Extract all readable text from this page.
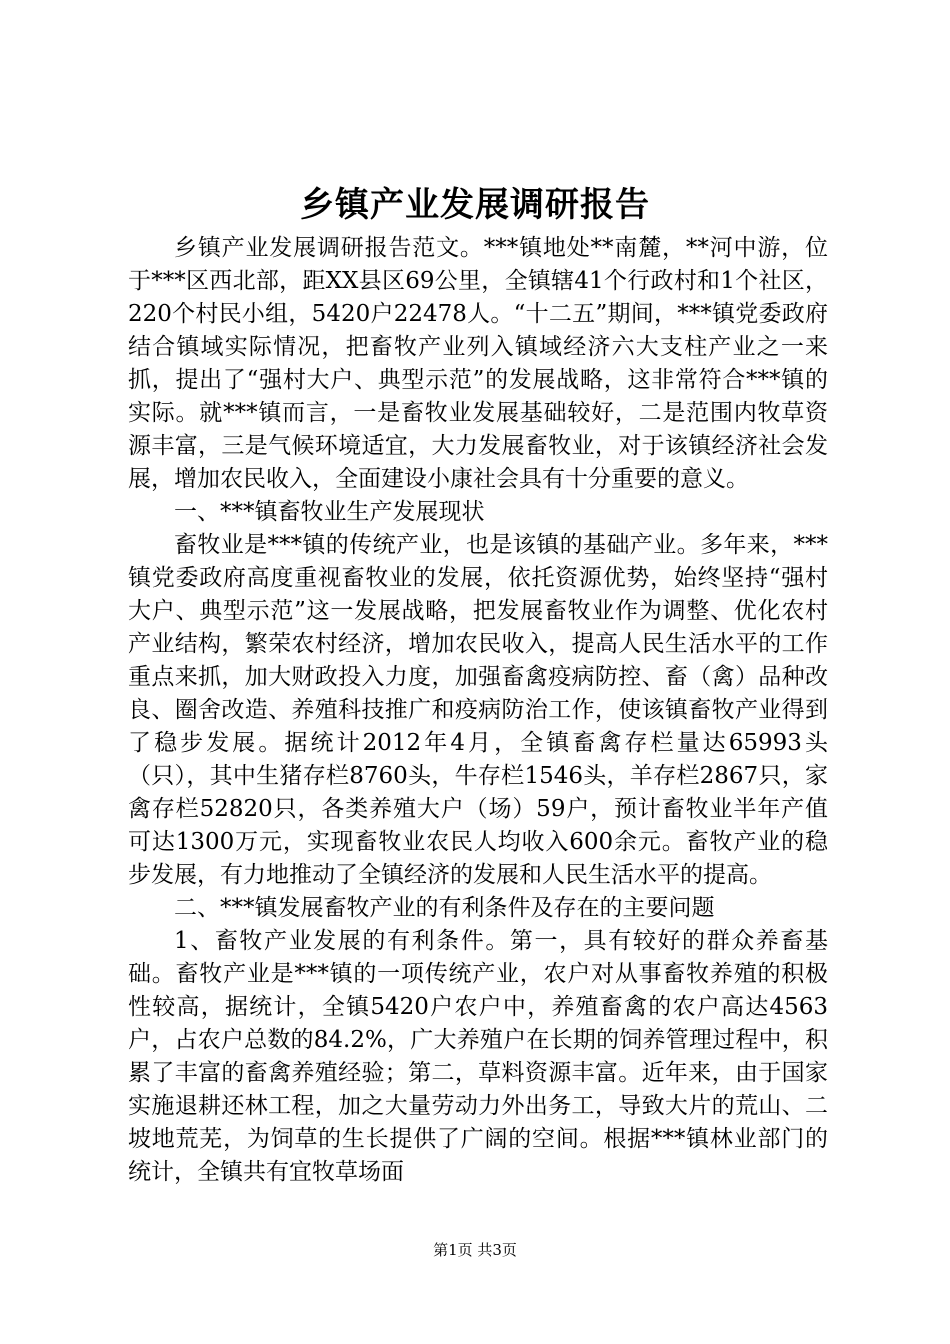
乡镇产业发展调研报告

乡镇产业发展调研报告范文。***镇地处**南麓，**河中游，位于***区西北部，距XX县区69公里，全镇辖41个行政村和1个社区，220个村民小组，5420户22478人。“十二五”期间，***镇党委政府结合镇域实际情况，把畜牧产业列入镇域经济六大支柱产业之一来抓，提出了“强村大户、典型示范”的发展战略，这非常符合***镇的实际。就***镇而言，一是畜牧业发展基础较好，二是范围内牧草资源丰富，三是气候环境适宜，大力发展畜牧业，对于该镇经济社会发展，增加农民收入，全面建设小康社会具有十分重要的意义。

一、***镇畜牧业生产发展现状

畜牧业是***镇的传统产业，也是该镇的基础产业。多年来，***镇党委政府高度重视畜牧业的发展，依托资源优势，始终坚持“强村大户、典型示范”这一发展战略，把发展畜牧业作为调整、优化农村产业结构，繁荣农村经济，增加农民收入，提高人民生活水平的工作重点来抓，加大财政投入力度，加强畜禽疫病防控、畜（禽）品种改良、圈舍改造、养殖科技推广和疫病防治工作，使该镇畜牧产业得到了稳步发展。据统计2012年4月，全镇畜禽存栏量达65993头（只），其中生猪存栏8760头，牛存栏1546头，羊存栏2867只，家禽存栏52820只，各类养殖大户（场）59户，预计畜牧业半年产值可达1300万元，实现畜牧业农民人均收入600余元。畜牧产业的稳步发展，有力地推动了全镇经济的发展和人民生活水平的提高。

二、***镇发展畜牧产业的有利条件及存在的主要问题

1、畜牧产业发展的有利条件。第一，具有较好的群众养畜基础。畜牧产业是***镇的一项传统产业，农户对从事畜牧养殖的积极性较高，据统计，全镇5420户农户中，养殖畜禽的农户高达4563户，占农户总数的84.2%，广大养殖户在长期的饲养管理过程中，积累了丰富的畜禽养殖经验；第二，草料资源丰富。近年来，由于国家实施退耕还林工程，加之大量劳动力外出务工，导致大片的荒山、二坡地荒芜，为饲草的生长提供了广阔的空间。根据***镇林业部门的统计，全镇共有宜牧草场面

第1页 共3页
